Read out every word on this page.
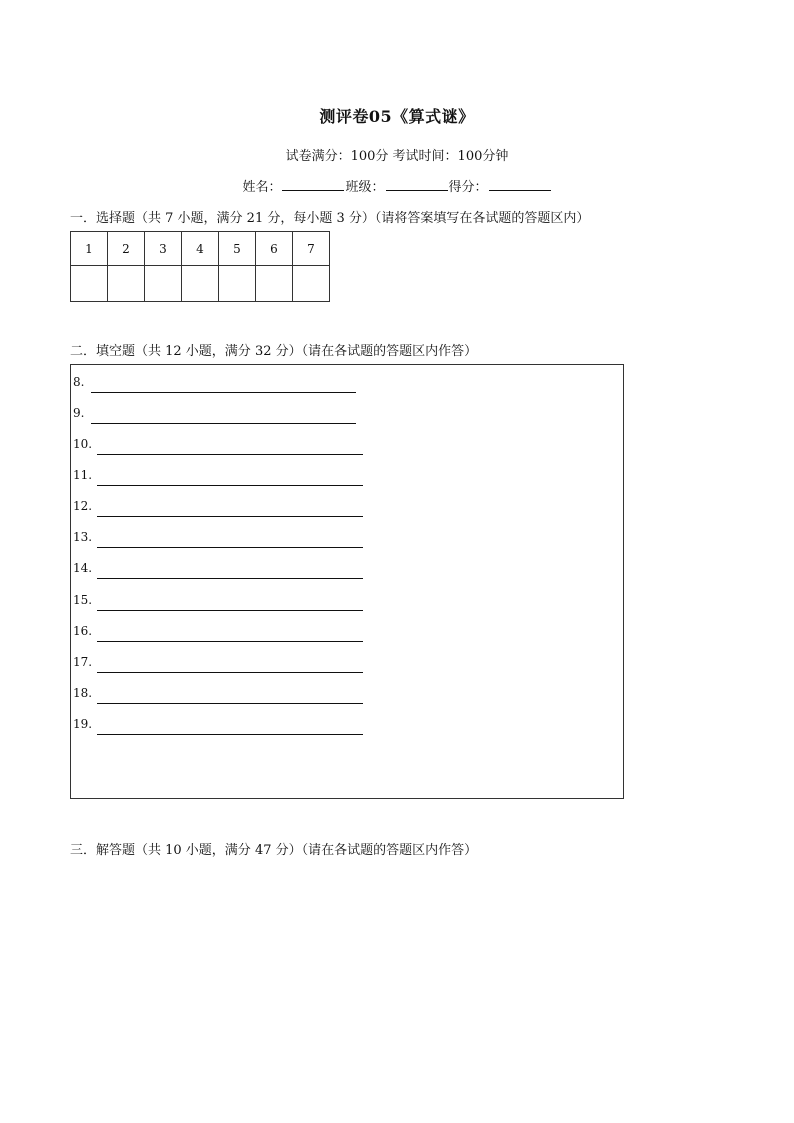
测评卷05《算式谜》
试卷满分：100分 考试时间：100分钟
姓名：	班级：	得分：
一．选择题（共 7 小题，满分 21 分，每小题 3 分）（请将答案填写在各试题的答题区内）
1	2	3	4	5	6	7

二．填空题（共 12 小题，满分 32 分）（请在各试题的答题区内作答）
8.
9.
10.
11.
12.
13.
14.
15.
16.
17.
18.
19.
三．解答题（共 10 小题，满分 47 分）（请在各试题的答题区内作答）
